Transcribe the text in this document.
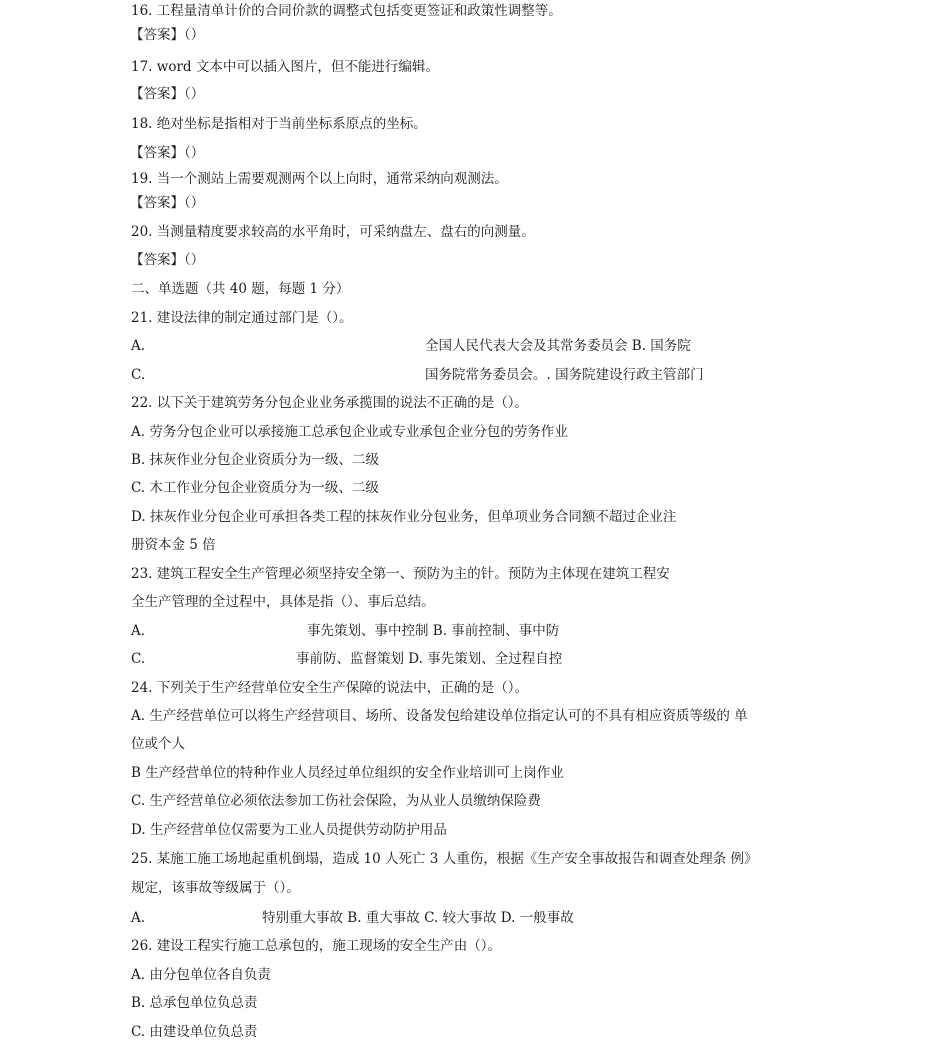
16. 工程量清单计价的合同价款的调整式包括变更签证和政策性调整等。
【答案】（）
17. word 文本中可以插入图片，但不能进行编辑。
【答案】（）
18. 绝对坐标是指相对于当前坐标系原点的坐标。
【答案】（）
19. 当一个测站上需要观测两个以上向时，通常采纳向观测法。
【答案】（）
20. 当测量精度要求较高的水平角时，可采纳盘左、盘右的向测量。
【答案】（）
二、单选题（共 40 题，每题 1 分）
21. 建设法律的制定通过部门是（）。
A.	全国人民代表大会及其常务委员会 B. 国务院
C.	国务院常务委员会。. 国务院建设行政主管部门
22. 以下关于建筑劳务分包企业业务承揽围的说法不正确的是（）。
A. 劳务分包企业可以承接施工总承包企业或专业承包企业分包的劳务作业
B. 抹灰作业分包企业资质分为一级、二级
C. 木工作业分包企业资质分为一级、二级
D. 抹灰作业分包企业可承担各类工程的抹灰作业分包业务，但单项业务合同额不超过企业注
册资本金 5 倍
23. 建筑工程安全生产管理必须坚持安全第一、预防为主的针。预防为主体现在建筑工程安
全生产管理的全过程中，具体是指（）、事后总结。
A.	事先策划、事中控制 B. 事前控制、事中防
C.	事前防、监督策划 D. 事先策划、全过程自控
24. 下列关于生产经营单位安全生产保障的说法中，正确的是（）。
A. 生产经营单位可以将生产经营项目、场所、设备发包给建设单位指定认可的不具有相应资质等级的 单
位或个人
B 生产经营单位的特种作业人员经过单位组织的安全作业培训可上岗作业
C. 生产经营单位必须依法参加工伤社会保险，为从业人员缴纳保险费
D. 生产经营单位仅需要为工业人员提供劳动防护用品
25. 某施工施工场地起重机倒塌，造成 10 人死亡 3 人重伤，根据《生产安全事故报告和调查处理条 例》
规定，该事故等级属于（）。
A.	特别重大事故 B. 重大事故 C. 较大事故 D. 一般事故
26. 建设工程实行施工总承包的，施工现场的安全生产由（）。
A. 由分包单位各自负责
B. 总承包单位负总责
C. 由建设单位负总责
